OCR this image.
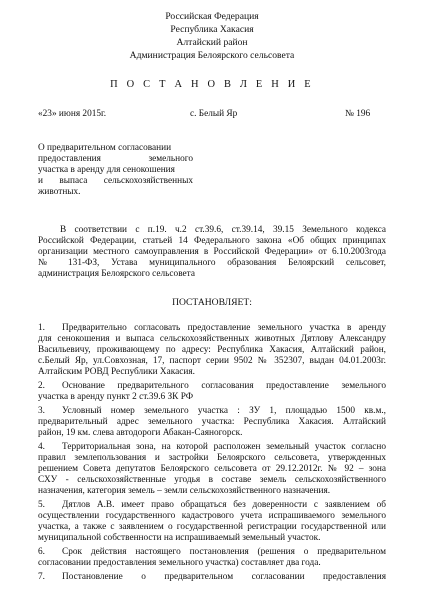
Российская Федерация
Республика Хакасия
Алтайский район
Администрация Белоярского сельсовета
П О С Т А Н О В Л Е Н И Е
«23» июня 2015г.	с. Белый Яр	№ 196
О предварительном согласовании
предоставления земельного
участка в аренду для сенокошения
и выпаса сельскохозяйственных
животных.
В соответствии с п.19. ч.2 ст.39.6, ст.39.14, 39.15 Земельного кодекса
Российской Федерации, статьей 14 Федерального закона «Об общих принципах
организации местного самоуправления в Российской Федерации» от 6.10.2003года
№ 131-ФЗ, Устава муниципального образования Белоярский сельсовет,
администрация Белоярского сельсовета
ПОСТАНОВЛЯЕТ:
1. Предварительно согласовать предоставление земельного участка в аренду
для сенокошения и выпаса сельскохозяйственных животных Дятлову Александру
Васильевичу, проживающему по адресу: Республика Хакасия, Алтайский район,
с.Белый Яр, ул.Совхозная, 17, паспорт серии 9502 № 352307, выдан 04.01.2003г.
Алтайским РОВД Республики Хакасия.
2. Основание предварительного согласования предоставление земельного
участка в аренду пункт 2 ст.39.6 ЗК РФ
3. Условный номер земельного участка : ЗУ 1, площадью 1500 кв.м.,
предварительный адрес земельного участка: Республика Хакасия. Алтайский
район, 19 км. слева автодороги Абакан-Саяногорск.
4. Территориальная зона, на которой расположен земельный участок согласно
правил землепользования и застройки Белоярского сельсовета, утвержденных
решением Совета депутатов Белоярского сельсовета от 29.12.2012г. № 92 – зона
СХУ - сельскохозяйственные угодья в составе земель сельскохозяйственного
назначения, категория земель – земли сельскохозяйственного назначения.
5. Дятлов А.В. имеет право обращаться без доверенности с заявлением об
осуществлении государственного кадастрового учета испрашиваемого земельного
участка, а также с заявлением о государственной регистрации государственной или
муниципальной собственности на испрашиваемый земельный участок.
6. Срок действия настоящего постановления (решения о предварительном
согласовании предоставления земельного участка) составляет два года.
7. Постановление о предварительном согласовании предоставления
